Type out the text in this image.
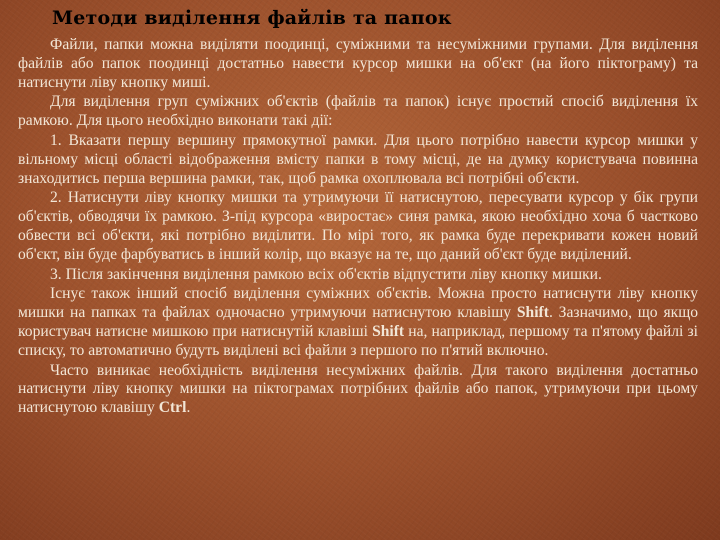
Методи виділення файлів та папок

Файли, папки можна виділяти поодинці, суміжними та несуміжними групами. Для виділення файлів або папок поодинці достатньо навести курсор мишки на об'єкт (на його піктограму) та натиснути ліву кнопку миші.

Для виділення груп суміжних об'єктів (файлів та папок) існує простий спосіб виділення їх рамкою. Для цього необхідно виконати такі дії:

1. Вказати першу вершину прямокутної рамки. Для цього потрібно навести курсор мишки у вільному місці області відображення вмісту папки в тому місці, де на думку користувача повинна знаходитись перша вершина рамки, так, щоб рамка охоплювала всі потрібні об'єкти.

2. Натиснути ліву кнопку мишки та утримуючи її натиснутою, пересувати курсор у бік групи об'єктів, обводячи їх рамкою. З-під курсора «виростає» синя рамка, якою необхідно хоча б частково обвести всі об'єкти, які потрібно виділити. По мірі того, як рамка буде перекривати кожен новий об'єкт, він буде фарбуватись в інший колір, що вказує на те, що даний об'єкт буде виділений.

3. Після закінчення виділення рамкою всіх об'єктів відпустити ліву кнопку мишки.

Існує також інший спосіб виділення суміжних об'єктів. Можна просто натиснути ліву кнопку мишки на папках та файлах одночасно утримуючи натиснутою клавішу Shift. Зазначимо, що якщо користувач натисне мишкою при натиснутій клавіші Shift на, наприклад, першому та п'ятому файлі зі списку, то автоматично будуть виділені всі файли з першого по п'ятий включно.

Часто виникає необхідність виділення несуміжних файлів. Для такого виділення достатньо натиснути ліву кнопку мишки на піктограмах потрібних файлів або папок, утримуючи при цьому натиснутою клавішу Ctrl.
